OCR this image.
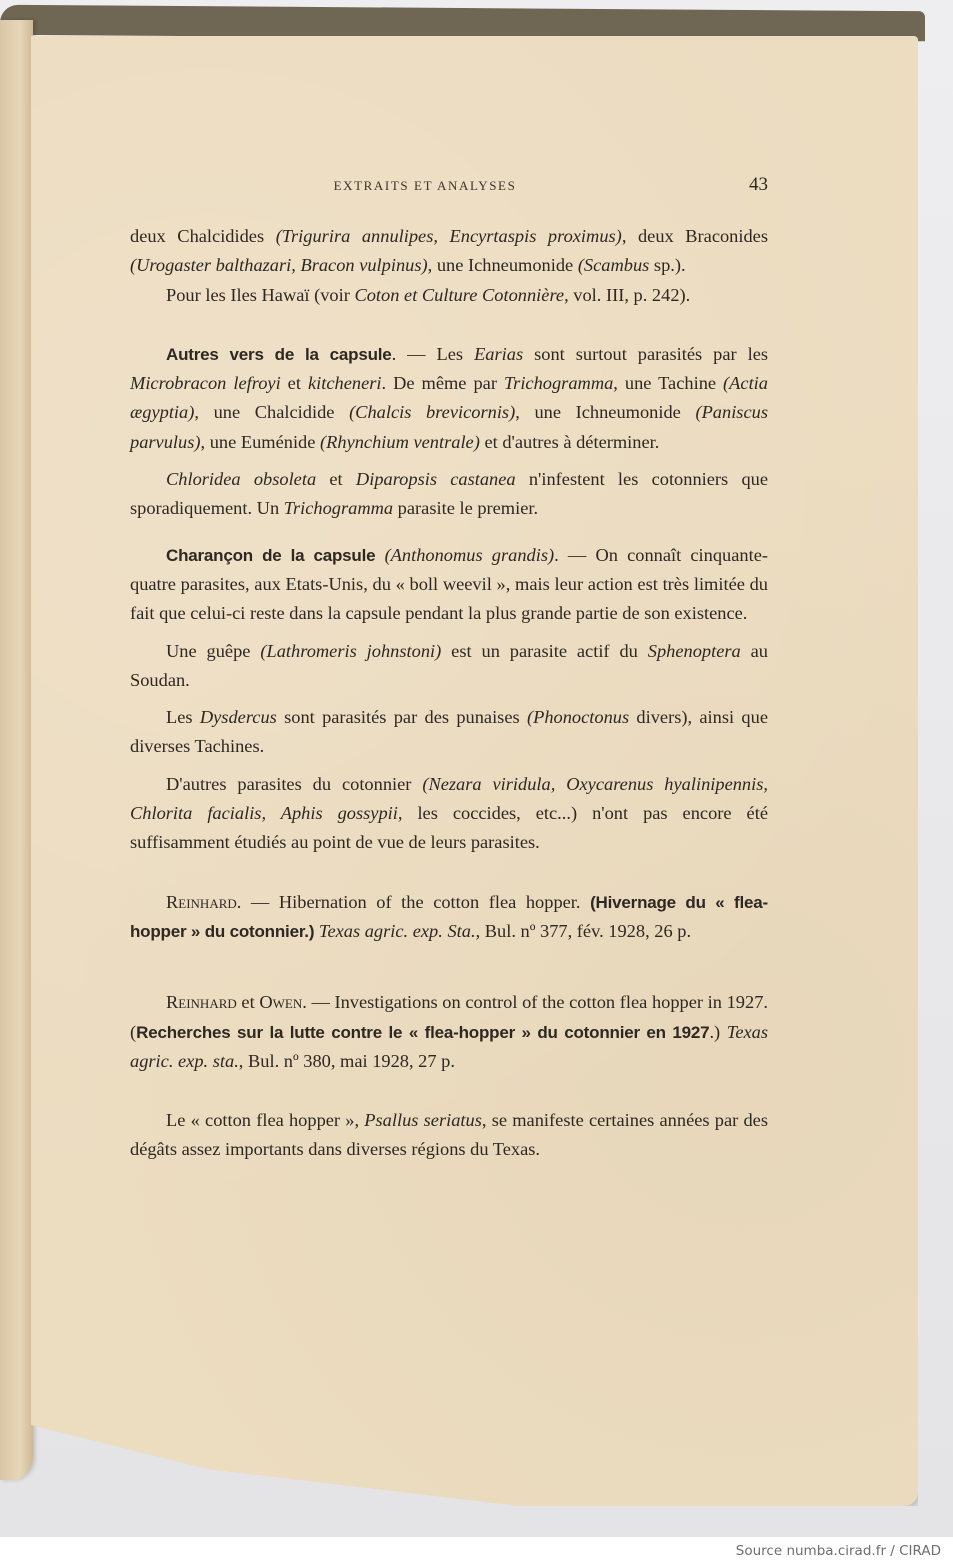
EXTRAITS ET ANALYSES	43

deux Chalcidides (Trigurira annulipes, Encyrtaspis proximus), deux Braconides (Urogaster balthazari, Bracon vulpinus), une Ichneumonide (Scambus sp.).

Pour les Iles Hawaï (voir Coton et Culture Cotonnière, vol. III, p. 242).

Autres vers de la capsule. — Les Earias sont surtout parasités par les Microbracon lefroyi et kitcheneri. De même par Trichogramma, une Tachine (Actia ægyptia), une Chalcidide (Chalcis brevicornis), une Ichneumonide (Paniscus parvulus), une Euménide (Rhynchium ventrale) et d'autres à déterminer.

Chloridea obsoleta et Diparopsis castanea n'infestent les cotonniers que sporadiquement. Un Trichogramma parasite le premier.

Charançon de la capsule (Anthonomus grandis). — On connaît cinquante-quatre parasites, aux Etats-Unis, du « boll weevil », mais leur action est très limitée du fait que celui-ci reste dans la capsule pendant la plus grande partie de son existence.

Une guêpe (Lathromeris johnstoni) est un parasite actif du Sphenoptera au Soudan.

Les Dysdercus sont parasités par des punaises (Phonoctonus divers), ainsi que diverses Tachines.

D'autres parasites du cotonnier (Nezara viridula, Oxycarenus hyalinipennis, Chlorita facialis, Aphis gossypii, les coccides, etc...) n'ont pas encore été suffisamment étudiés au point de vue de leurs parasites.

Reinhard. — Hibernation of the cotton flea hopper. (Hivernage du « flea-hopper » du cotonnier.) Texas agric. exp. Sta., Bul. nº 377, fév. 1928, 26 p.

Reinhard et Owen. — Investigations on control of the cotton flea hopper in 1927. (Recherches sur la lutte contre le « flea-hopper » du cotonnier en 1927.) Texas agric. exp. sta., Bul. nº 380, mai 1928, 27 p.

Le « cotton flea hopper », Psallus seriatus, se manifeste certaines années par des dégâts assez importants dans diverses régions du Texas.

Source numba.cirad.fr / CIRAD
